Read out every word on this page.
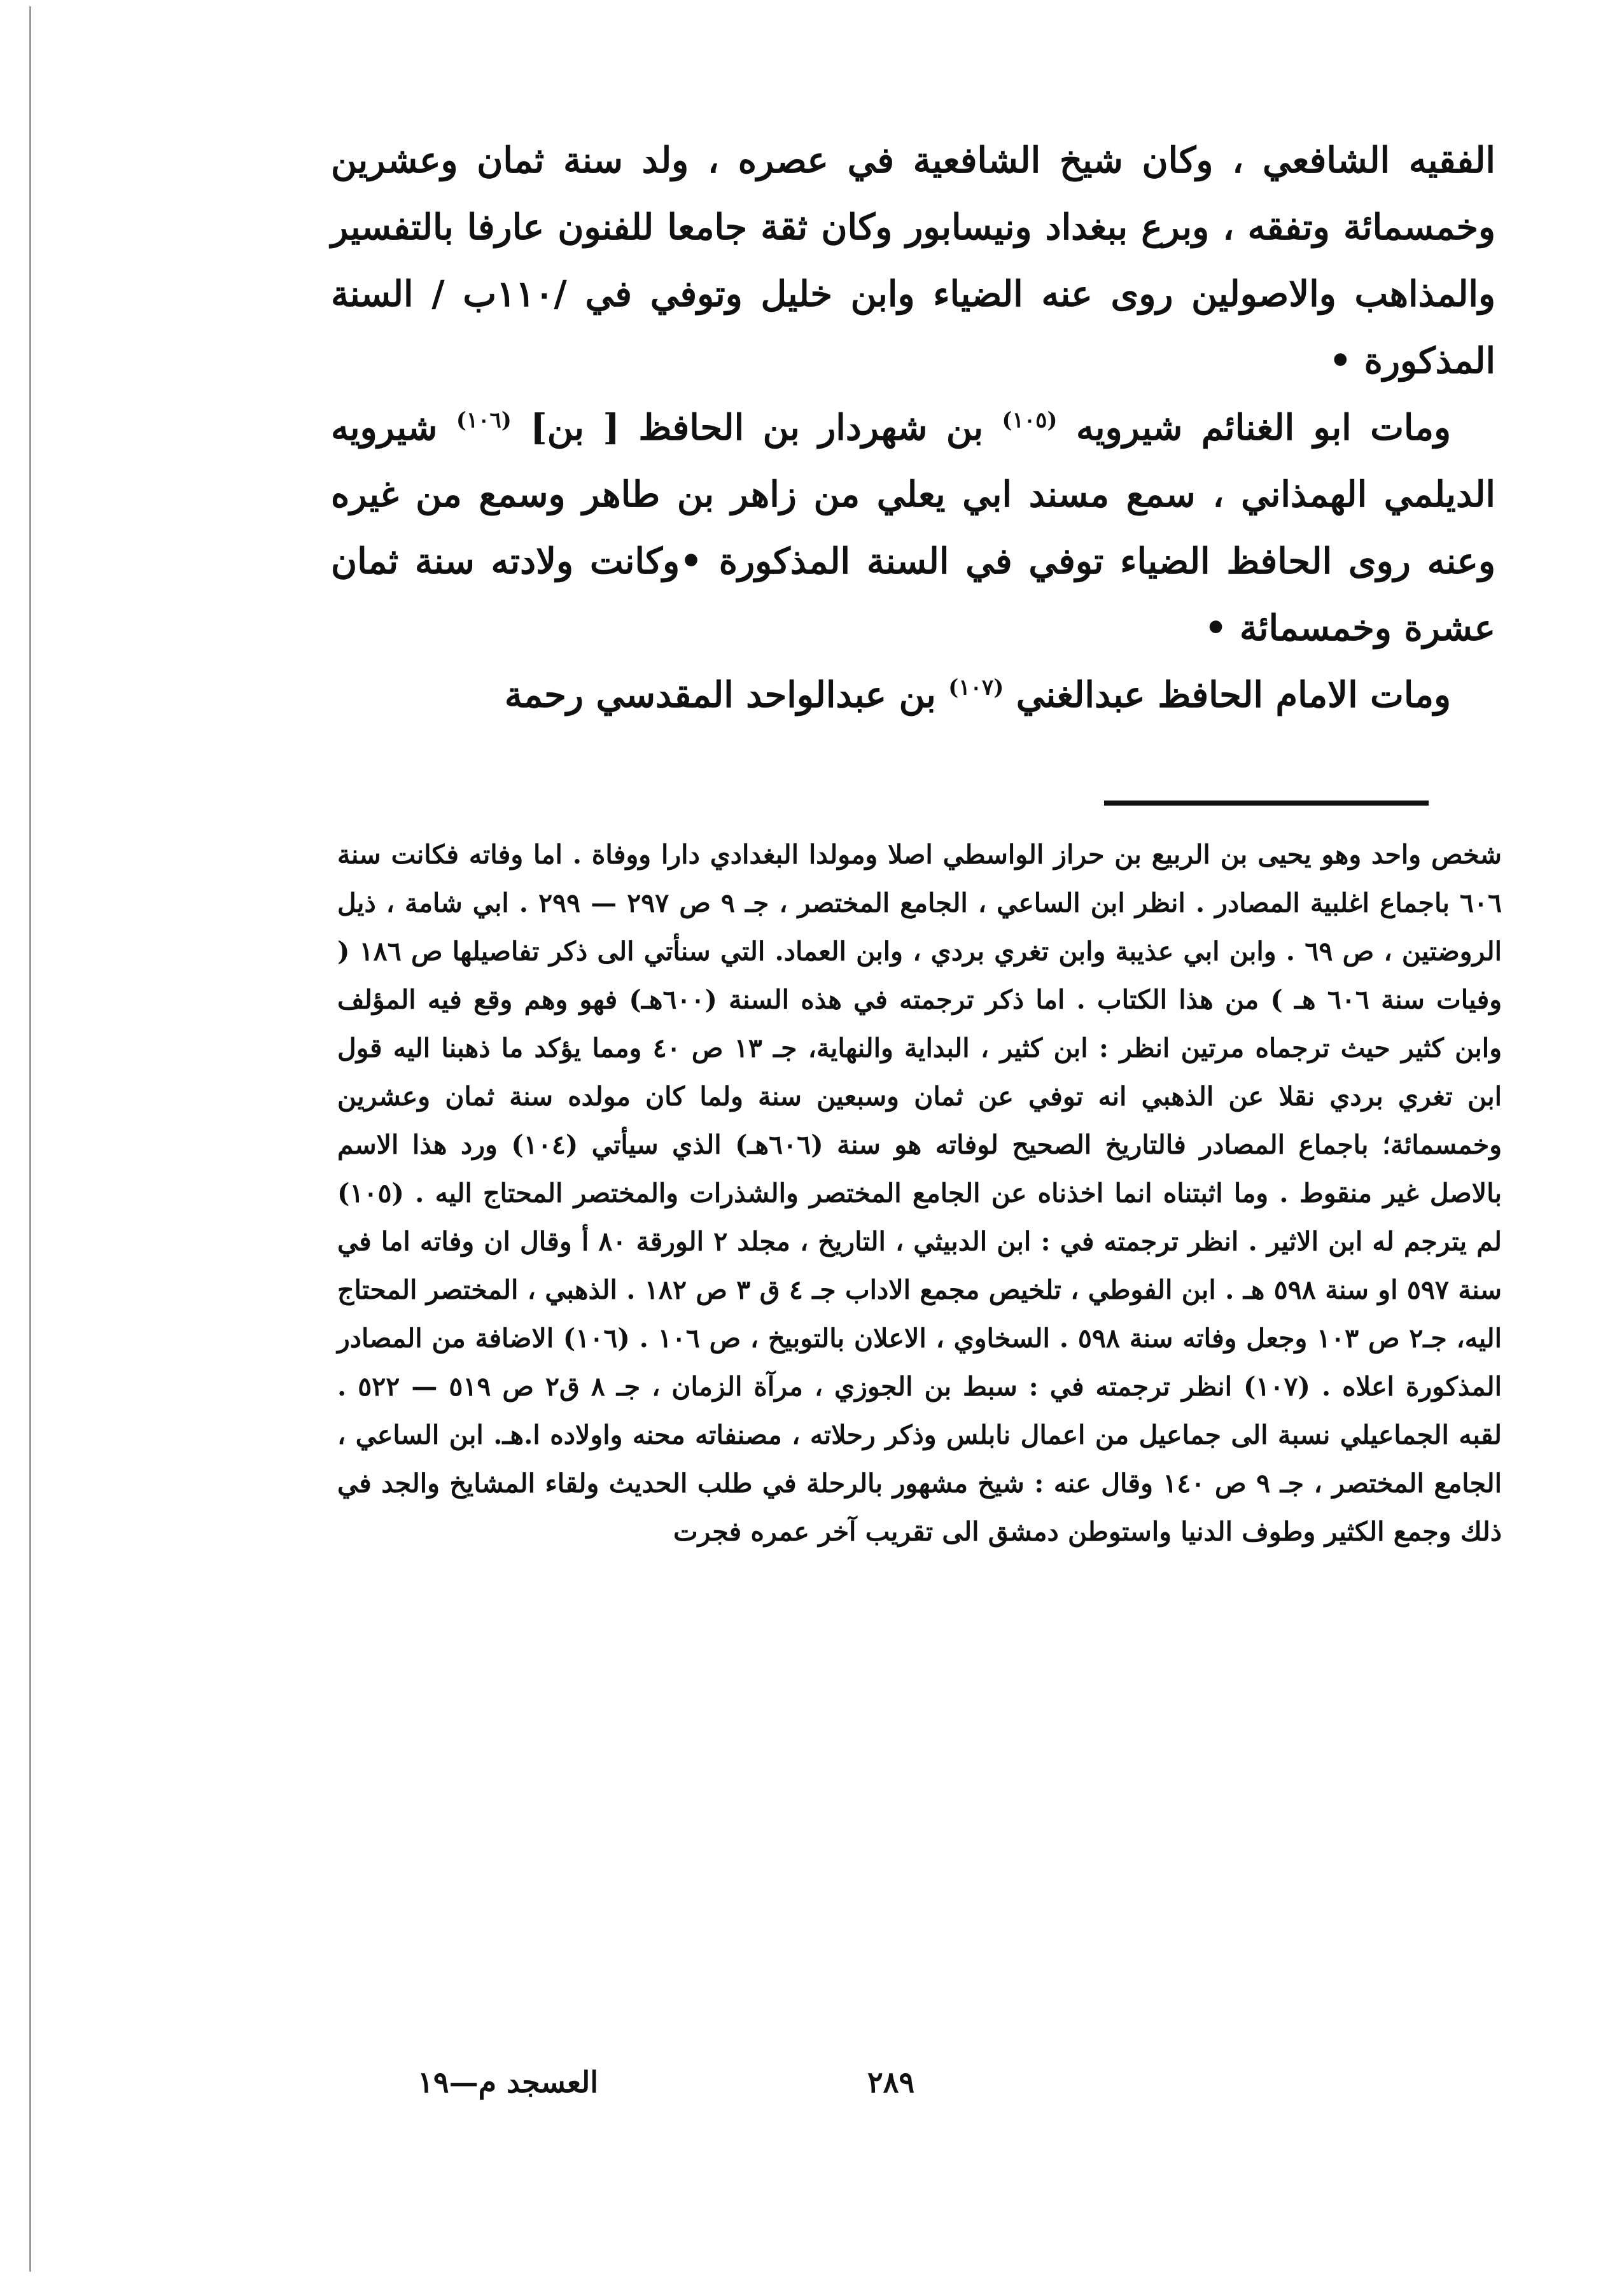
الفقيه الشافعي ، وكان شيخ الشافعية في عصره ، ولد سنة ثمان وعشرين وخمسمائة وتفقه ، وبرع ببغداد ونيسابور وكان ثقة جامعا للفنون عارفا بالتفسير والمذاهب والاصولين روى عنه الضياء وابن خليل وتوفي في /١١٠ب / السنة المذكورة •

ومات ابو الغنائم شيرويه $^{(١٠٥)}$ بن شهردار بن الحافظ [ بن] $^{(١٠٦)}$ شيرويه الديلمي الهمذاني ، سمع مسند ابي يعلي من زاهر بن طاهر وسمع من غيره وعنه روى الحافظ الضياء توفي في السنة المذكورة •وكانت ولادته سنة ثمان عشرة وخمسمائة •

ومات الامام الحافظ عبدالغني $^{(١٠٧)}$ بن عبدالواحد المقدسي رحمة

شخص واحد وهو يحيى بن الربيع بن حراز الواسطي اصلا ومولدا البغدادي دارا ووفاة . اما وفاته فكانت سنة ٦٠٦ باجماع اغلبية المصادر . انظر ابن الساعي ، الجامع المختصر ، جـ ٩ ص ٢٩٧ — ٢٩٩ . ابي شامة ، ذيل الروضتين ، ص ٦٩ . وابن ابي عذيبة وابن تغري بردي ، وابن العماد. التي سنأتي الى ذكر تفاصيلها ص ١٨٦ ( وفيات سنة ٦٠٦ هـ ) من هذا الكتاب . اما ذكر ترجمته في هذه السنة (٦٠٠هـ) فهو وهم وقع فيه المؤلف وابن كثير حيث ترجماه مرتين انظر : ابن كثير ، البداية والنهاية، جـ ١٣ ص ٤٠ ومما يؤكد ما ذهبنا اليه قول ابن تغري بردي نقلا عن الذهبي انه توفي عن ثمان وسبعين سنة ولما كان مولده سنة ثمان وعشرين وخمسمائة؛ باجماع المصادر فالتاريخ الصحيح لوفاته هو سنة (٦٠٦هـ) الذي سيأتي (١٠٤) ورد هذا الاسم بالاصل غير منقوط . وما اثبتناه انما اخذناه عن الجامع المختصر والشذرات والمختصر المحتاج اليه . (١٠٥) لم يترجم له ابن الاثير . انظر ترجمته في : ابن الدبيثي ، التاريخ ، مجلد ٢ الورقة ٨٠ أ وقال ان وفاته اما في سنة ٥٩٧ او سنة ٥٩٨ هـ . ابن الفوطي ، تلخيص مجمع الاداب جـ ٤ ق ٣ ص ١٨٢ . الذهبي ، المختصر المحتاج اليه، جـ٢ ص ١٠٣ وجعل وفاته سنة ٥٩٨ . السخاوي ، الاعلان بالتوبيخ ، ص ١٠٦ . (١٠٦) الاضافة من المصادر المذكورة اعلاه . (١٠٧) انظر ترجمته في : سبط بن الجوزي ، مرآة الزمان ، جـ ٨ ق٢ ص ٥١٩ — ٥٢٢ . لقبه الجماعيلي نسبة الى جماعيل من اعمال نابلس وذكر رحلاته ، مصنفاته محنه واولاده ا.هـ. ابن الساعي ، الجامع المختصر ، جـ ٩ ص ١٤٠ وقال عنه : شيخ مشهور بالرحلة في طلب الحديث ولقاء المشايخ والجد في ذلك وجمع الكثير وطوف الدنيا واستوطن دمشق الى تقريب آخر عمره فجرت
٢٨٩
العسجد م—١٩
